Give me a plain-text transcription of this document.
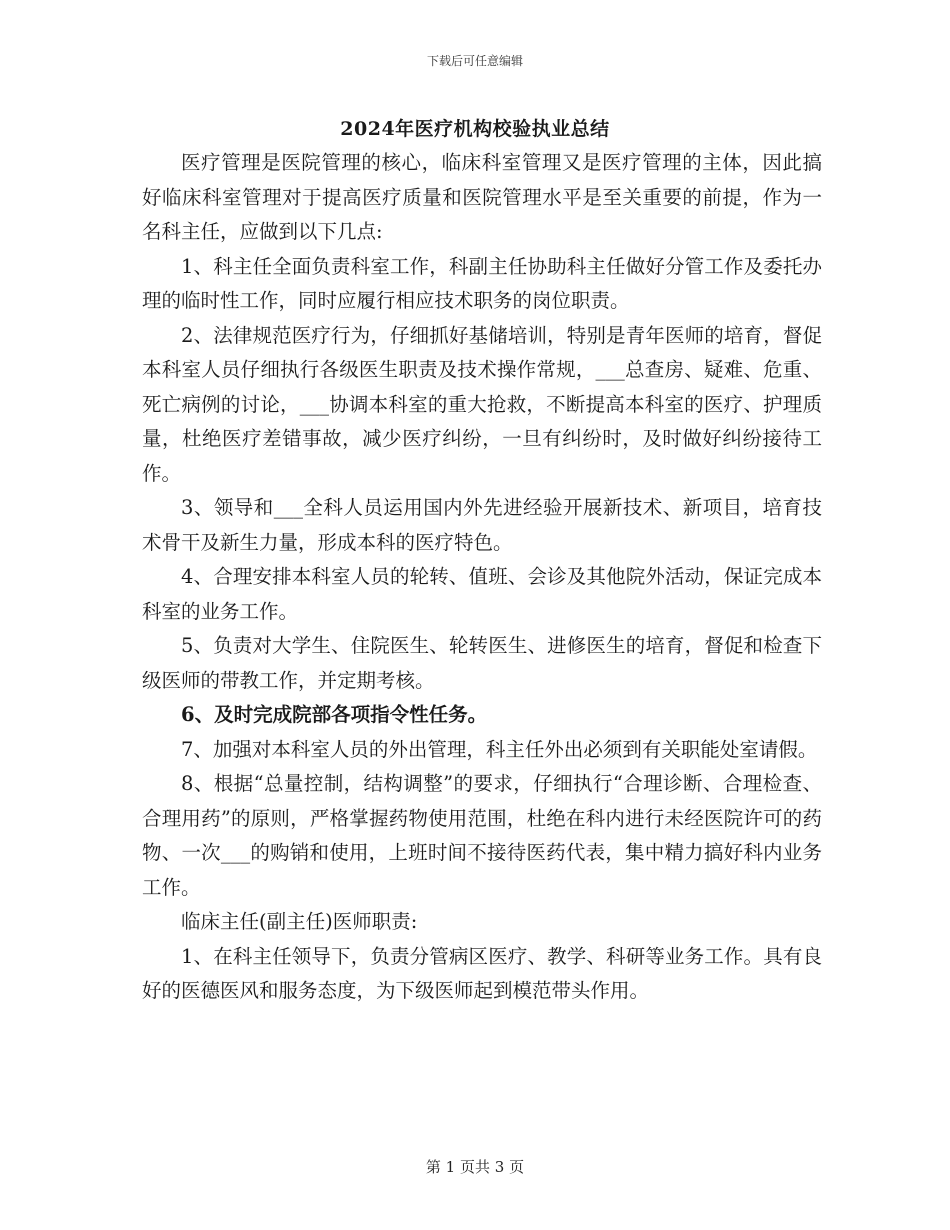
下载后可任意编辑
2024年医疗机构校验执业总结

医疗管理是医院管理的核心，临床科室管理又是医疗管理的主体，因此搞好临床科室管理对于提高医疗质量和医院管理水平是至关重要的前提，作为一名科主任，应做到以下几点:

1、科主任全面负责科室工作，科副主任协助科主任做好分管工作及委托办理的临时性工作，同时应履行相应技术职务的岗位职责。

2、法律规范医疗行为，仔细抓好基储培训，特别是青年医师的培育，督促本科室人员仔细执行各级医生职责及技术操作常规，___总查房、疑难、危重、死亡病例的讨论，___协调本科室的重大抢救，不断提高本科室的医疗、护理质量，杜绝医疗差错事故，减少医疗纠纷，一旦有纠纷时，及时做好纠纷接待工作。

3、领导和___全科人员运用国内外先进经验开展新技术、新项目，培育技术骨干及新生力量，形成本科的医疗特色。

4、合理安排本科室人员的轮转、值班、会诊及其他院外活动，保证完成本科室的业务工作。

5、负责对大学生、住院医生、轮转医生、进修医生的培育，督促和检查下级医师的带教工作，并定期考核。

6、及时完成院部各项指令性任务。

7、加强对本科室人员的外出管理，科主任外出必须到有关职能处室请假。

8、根据“总量控制，结构调整”的要求，仔细执行“合理诊断、合理检查、合理用药”的原则，严格掌握药物使用范围，杜绝在科内进行未经医院许可的药物、一次___的购销和使用，上班时间不接待医药代表，集中精力搞好科内业务工作。

临床主任(副主任)医师职责:

1、在科主任领导下，负责分管病区医疗、教学、科研等业务工作。具有良好的医德医风和服务态度，为下级医师起到模范带头作用。

第 1 页共 3 页
